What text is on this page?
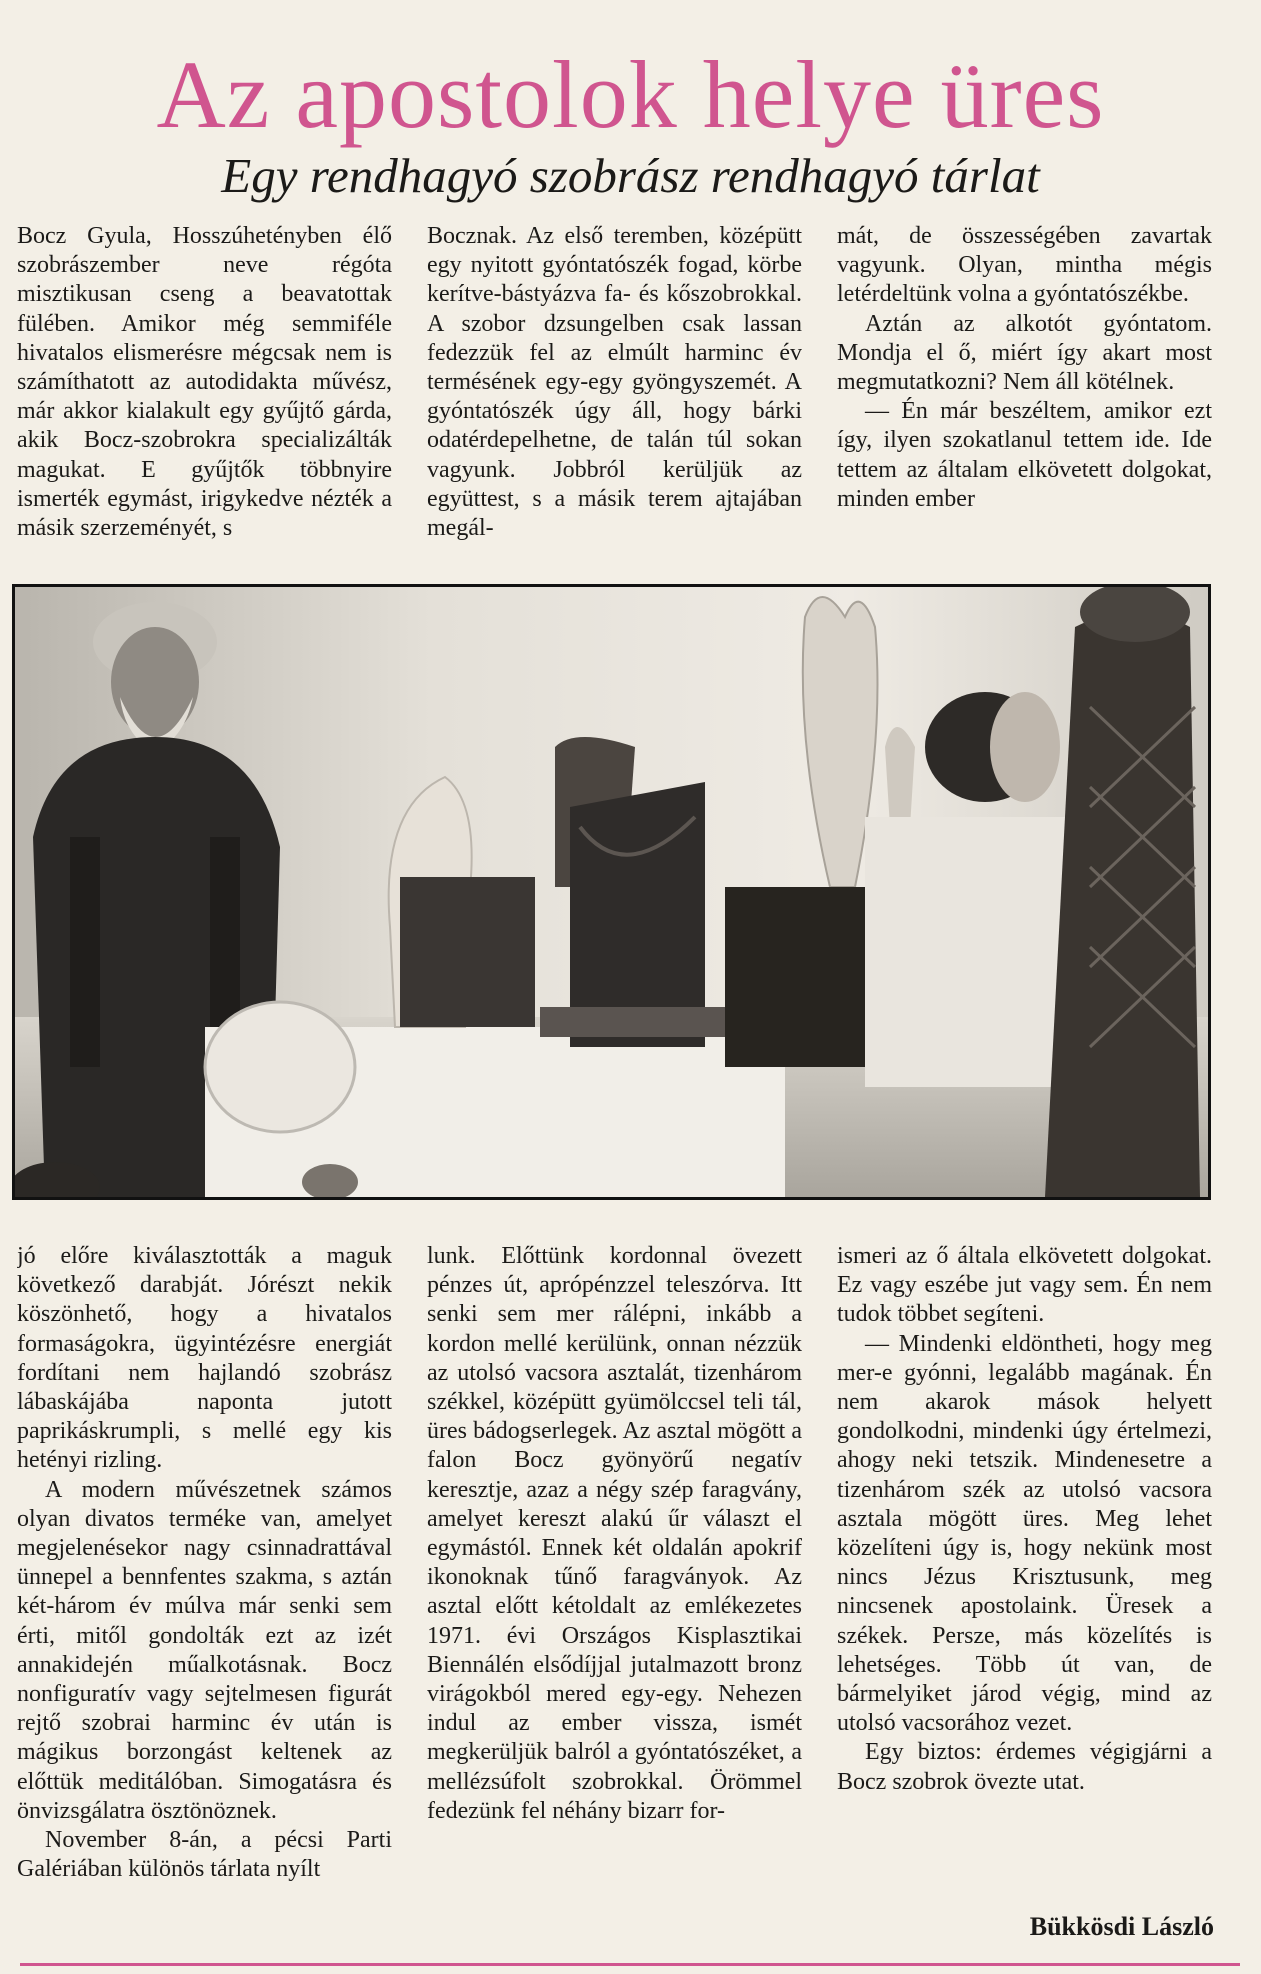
Az apostolok helye üres
Egy rendhagyó szobrász rendhagyó tárlat

Bocz Gyula, Hosszúhetényben élő szobrászember neve régóta misztikusan cseng a beavatottak fülében. Amikor még semmiféle hivatalos elismerésre mégcsak nem is számíthatott az autodidakta művész, már akkor kialakult egy gyűjtő gárda, akik Bocz-szobrokra specializálták magukat. E gyűjtők többnyire ismerték egymást, irigykedve nézték a másik szerzeményét, s

Bocznak. Az első teremben, középütt egy nyitott gyóntatószék fogad, körbe kerítve-bástyázva fa- és kőszobrokkal. A szobor dzsungelben csak lassan fedezzük fel az elmúlt harminc év termésének egy-egy gyöngyszemét. A gyóntatószék úgy áll, hogy bárki odatérdepelhetne, de talán túl sokan vagyunk. Jobbról kerüljük az együttest, s a másik terem ajtajában megál-

mát, de összességében zavartak vagyunk. Olyan, mintha mégis letérdeltünk volna a gyóntatószékbe.

Aztán az alkotót gyóntatom. Mondja el ő, miért így akart most megmutatkozni? Nem áll kötélnek.

— Én már beszéltem, amikor ezt így, ilyen szokatlanul tettem ide. Ide tettem az általam elkövetett dolgokat, minden ember

jó előre kiválasztották a maguk következő darabját. Jórészt nekik köszönhető, hogy a hivatalos formaságokra, ügyintézésre energiát fordítani nem hajlandó szobrász lábaskájába naponta jutott paprikáskrumpli, s mellé egy kis hetényi rizling.

A modern művészetnek számos olyan divatos terméke van, amelyet megjelenésekor nagy csinnadrattával ünnepel a bennfentes szakma, s aztán két-három év múlva már senki sem érti, mitől gondolták ezt az izét annakidején műalkotásnak. Bocz nonfiguratív vagy sejtelmesen figurát rejtő szobrai harminc év után is mágikus borzongást keltenek az előttük meditálóban. Simogatásra és önvizsgálatra ösztönöznek.

November 8-án, a pécsi Parti Galériában különös tárlata nyílt

lunk. Előttünk kordonnal övezett pénzes út, aprópénzzel teleszórva. Itt senki sem mer rálépni, inkább a kordon mellé kerülünk, onnan nézzük az utolsó vacsora asztalát, tizenhárom székkel, középütt gyümölccsel teli tál, üres bádogserlegek. Az asztal mögött a falon Bocz gyönyörű negatív keresztje, azaz a négy szép faragvány, amelyet kereszt alakú űr választ el egymástól. Ennek két oldalán apokrif ikonoknak tűnő faragványok. Az asztal előtt kétoldalt az emlékezetes 1971. évi Országos Kisplasztikai Biennálén elsődíjjal jutalmazott bronz virágokból mered egy-egy. Nehezen indul az ember vissza, ismét megkerüljük balról a gyóntatószéket, a mellézsúfolt szobrokkal. Örömmel fedezünk fel néhány bizarr for-

ismeri az ő általa elkövetett dolgokat. Ez vagy eszébe jut vagy sem. Én nem tudok többet segíteni.

— Mindenki eldöntheti, hogy meg mer-e gyónni, legalább magának. Én nem akarok mások helyett gondolkodni, mindenki úgy értelmezi, ahogy neki tetszik. Mindenesetre a tizenhárom szék az utolsó vacsora asztala mögött üres. Meg lehet közelíteni úgy is, hogy nekünk most nincs Jézus Krisztusunk, meg nincsenek apostolaink. Üresek a székek. Persze, más közelítés is lehetséges. Több út van, de bármelyiket járod végig, mind az utolsó vacsorához vezet.

Egy biztos: érdemes végigjárni a Bocz szobrok övezte utat.

Bükkösdi László
